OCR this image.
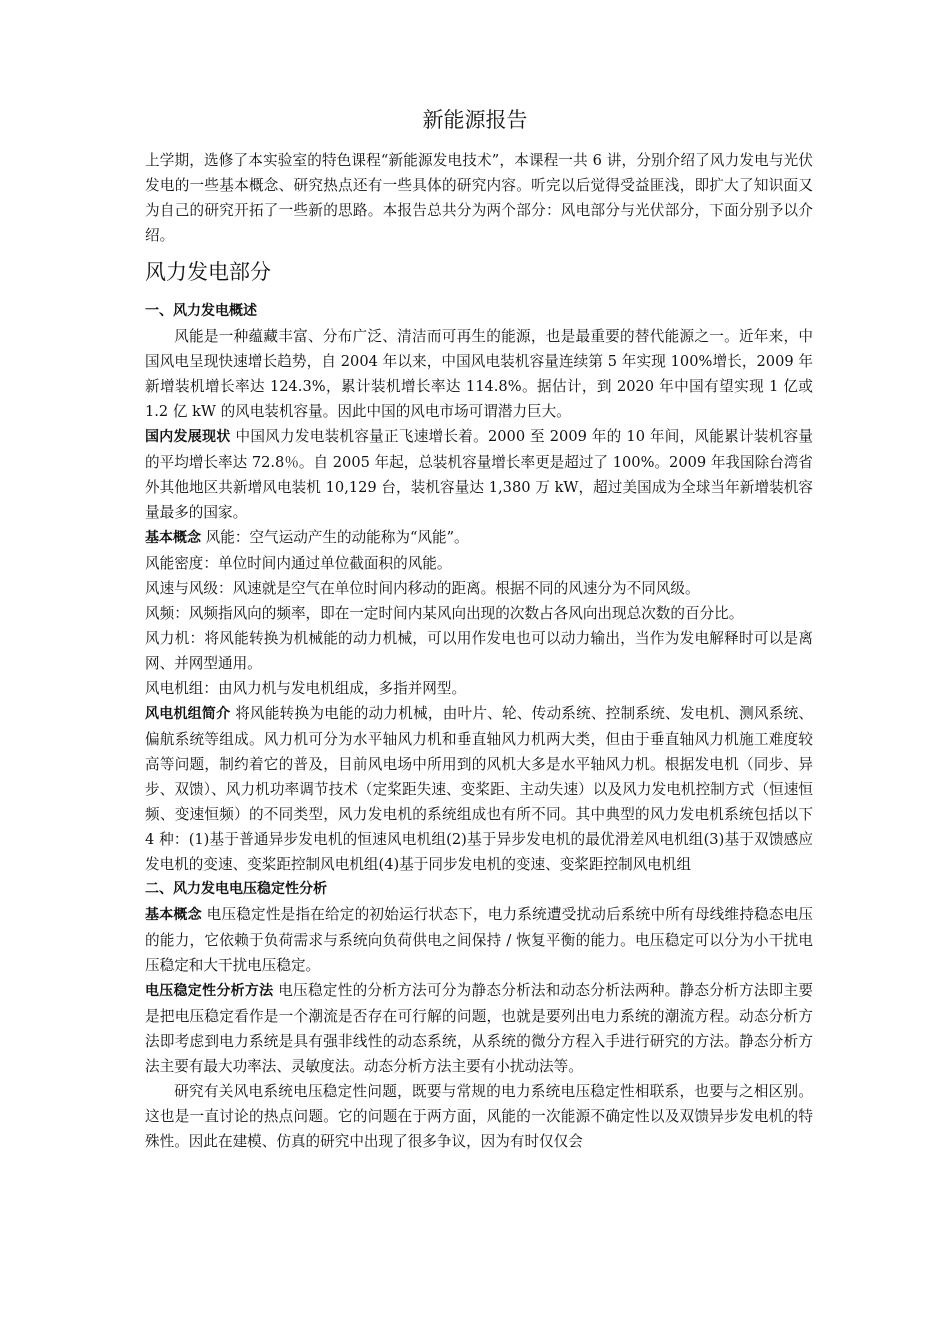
新能源报告

上学期，选修了本实验室的特色课程“新能源发电技术”，本课程一共 6 讲，分别介绍了风力发电与光伏发电的一些基本概念、研究热点还有一些具体的研究内容。听完以后觉得受益匪浅，即扩大了知识面又为自己的研究开拓了一些新的思路。本报告总共分为两个部分：风电部分与光伏部分，下面分别予以介绍。

风力发电部分

一、风力发电概述

风能是一种蕴藏丰富、分布广泛、清洁而可再生的能源，也是最重要的替代能源之一。近年来，中国风电呈现快速增长趋势，自 2004 年以来，中国风电装机容量连续第 5 年实现 100%增长，2009 年新增装机增长率达 124.3%，累计装机增长率达 114.8%。据估计，到 2020 年中国有望实现 1 亿或 1.2 亿 kW 的风电装机容量。因此中国的风电市场可谓潜力巨大。

国内发展现状 中国风力发电装机容量正飞速增长着。2000 至 2009 年的 10 年间，风能累计装机容量的平均增长率达 72.8％。自 2005 年起，总装机容量增长率更是超过了 100%。2009 年我国除台湾省外其他地区共新增风电装机 10,129 台，装机容量达 1,380 万 kW，超过美国成为全球当年新增装机容量最多的国家。

基本概念 风能：空气运动产生的动能称为“风能”。

风能密度：单位时间内通过单位截面积的风能。

风速与风级：风速就是空气在单位时间内移动的距离。根据不同的风速分为不同风级。

风频：风频指风向的频率，即在一定时间内某风向出现的次数占各风向出现总次数的百分比。

风力机：将风能转换为机械能的动力机械，可以用作发电也可以动力输出，当作为发电解释时可以是离网、并网型通用。

风电机组：由风力机与发电机组成，多指并网型。

风电机组简介 将风能转换为电能的动力机械，由叶片、轮、传动系统、控制系统、发电机、测风系统、偏航系统等组成。风力机可分为水平轴风力机和垂直轴风力机两大类，但由于垂直轴风力机施工难度较高等问题，制约着它的普及，目前风电场中所用到的风机大多是水平轴风力机。根据发电机（同步、异步、双馈）、风力机功率调节技术（定桨距失速、变桨距、主动失速）以及风力发电机控制方式（恒速恒频、变速恒频）的不同类型，风力发电机的系统组成也有所不同。其中典型的风力发电机系统包括以下 4 种：(1)基于普通异步发电机的恒速风电机组(2)基于异步发电机的最优滑差风电机组(3)基于双馈感应发电机的变速、变桨距控制风电机组(4)基于同步发电机的变速、变桨距控制风电机组

二、风力发电电压稳定性分析

基本概念 电压稳定性是指在给定的初始运行状态下，电力系统遭受扰动后系统中所有母线维持稳态电压的能力，它依赖于负荷需求与系统向负荷供电之间保持 / 恢复平衡的能力。电压稳定可以分为小干扰电压稳定和大干扰电压稳定。

电压稳定性分析方法 电压稳定性的分析方法可分为静态分析法和动态分析法两种。静态分析方法即主要是把电压稳定看作是一个潮流是否存在可行解的问题，也就是要列出电力系统的潮流方程。动态分析方法即考虑到电力系统是具有强非线性的动态系统，从系统的微分方程入手进行研究的方法。静态分析方法主要有最大功率法、灵敏度法。动态分析方法主要有小扰动法等。

研究有关风电系统电压稳定性问题，既要与常规的电力系统电压稳定性相联系，也要与之相区别。这也是一直讨论的热点问题。它的问题在于两方面，风能的一次能源不确定性以及双馈异步发电机的特殊性。因此在建模、仿真的研究中出现了很多争议，因为有时仅仅会
